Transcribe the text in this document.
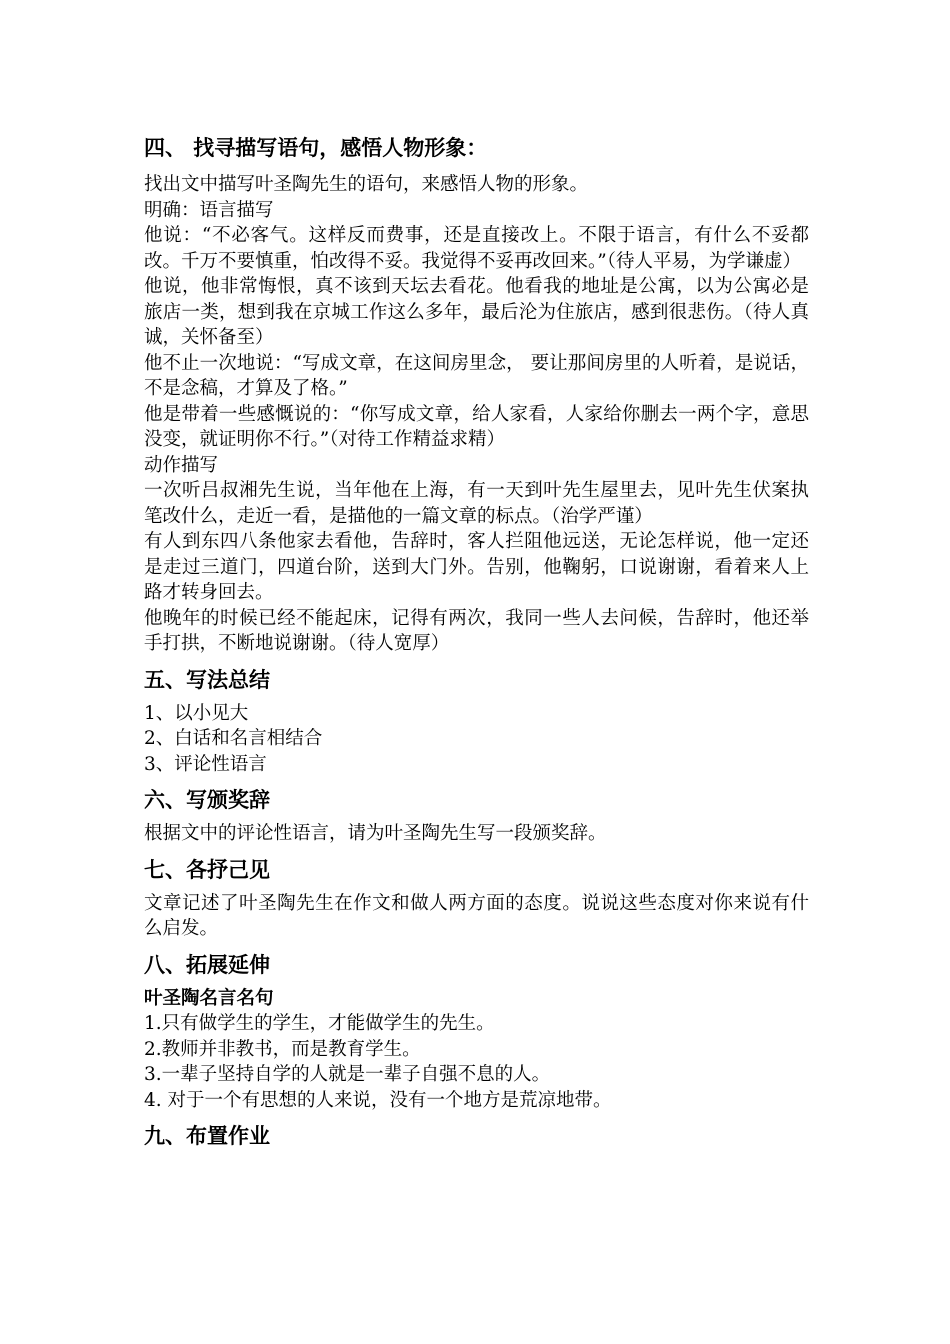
四、 找寻描写语句，感悟人物形象：

找出文中描写叶圣陶先生的语句，来感悟人物的形象。

明确：语言描写

他说：“不必客气。这样反而费事，还是直接改上。不限于语言，有什么不妥都改。千万不要慎重，怕改得不妥。我觉得不妥再改回来。”（待人平易，为学谦虚）

他说，他非常悔恨，真不该到天坛去看花。他看我的地址是公寓，以为公寓必是旅店一类，想到我在京城工作这么多年，最后沦为住旅店，感到很悲伤。（待人真诚，关怀备至）

他不止一次地说：“写成文章，在这间房里念， 要让那间房里的人听着，是说话，不是念稿，才算及了格。”

他是带着一些感慨说的：“你写成文章，给人家看，人家给你删去一两个字，意思没变，就证明你不行。”（对待工作精益求精）

动作描写

一次听吕叔湘先生说，当年他在上海，有一天到叶先生屋里去，见叶先生伏案执笔改什么，走近一看，是描他的一篇文章的标点。（治学严谨）

有人到东四八条他家去看他，告辞时，客人拦阻他远送，无论怎样说，他一定还是走过三道门，四道台阶，送到大门外。告别，他鞠躬，口说谢谢，看着来人上路才转身回去。

他晚年的时候已经不能起床，记得有两次，我同一些人去问候，告辞时，他还举手打拱，不断地说谢谢。（待人宽厚）

五、写法总结

1、以小见大

2、白话和名言相结合

3、评论性语言

六、写颁奖辞

根据文中的评论性语言，请为叶圣陶先生写一段颁奖辞。

七、各抒己见

文章记述了叶圣陶先生在作文和做人两方面的态度。说说这些态度对你来说有什么启发。

八、拓展延伸

叶圣陶名言名句

1.只有做学生的学生，才能做学生的先生。

2.教师并非教书，而是教育学生。

3.一辈子坚持自学的人就是一辈子自强不息的人。

4. 对于一个有思想的人来说，没有一个地方是荒凉地带。

九、布置作业
